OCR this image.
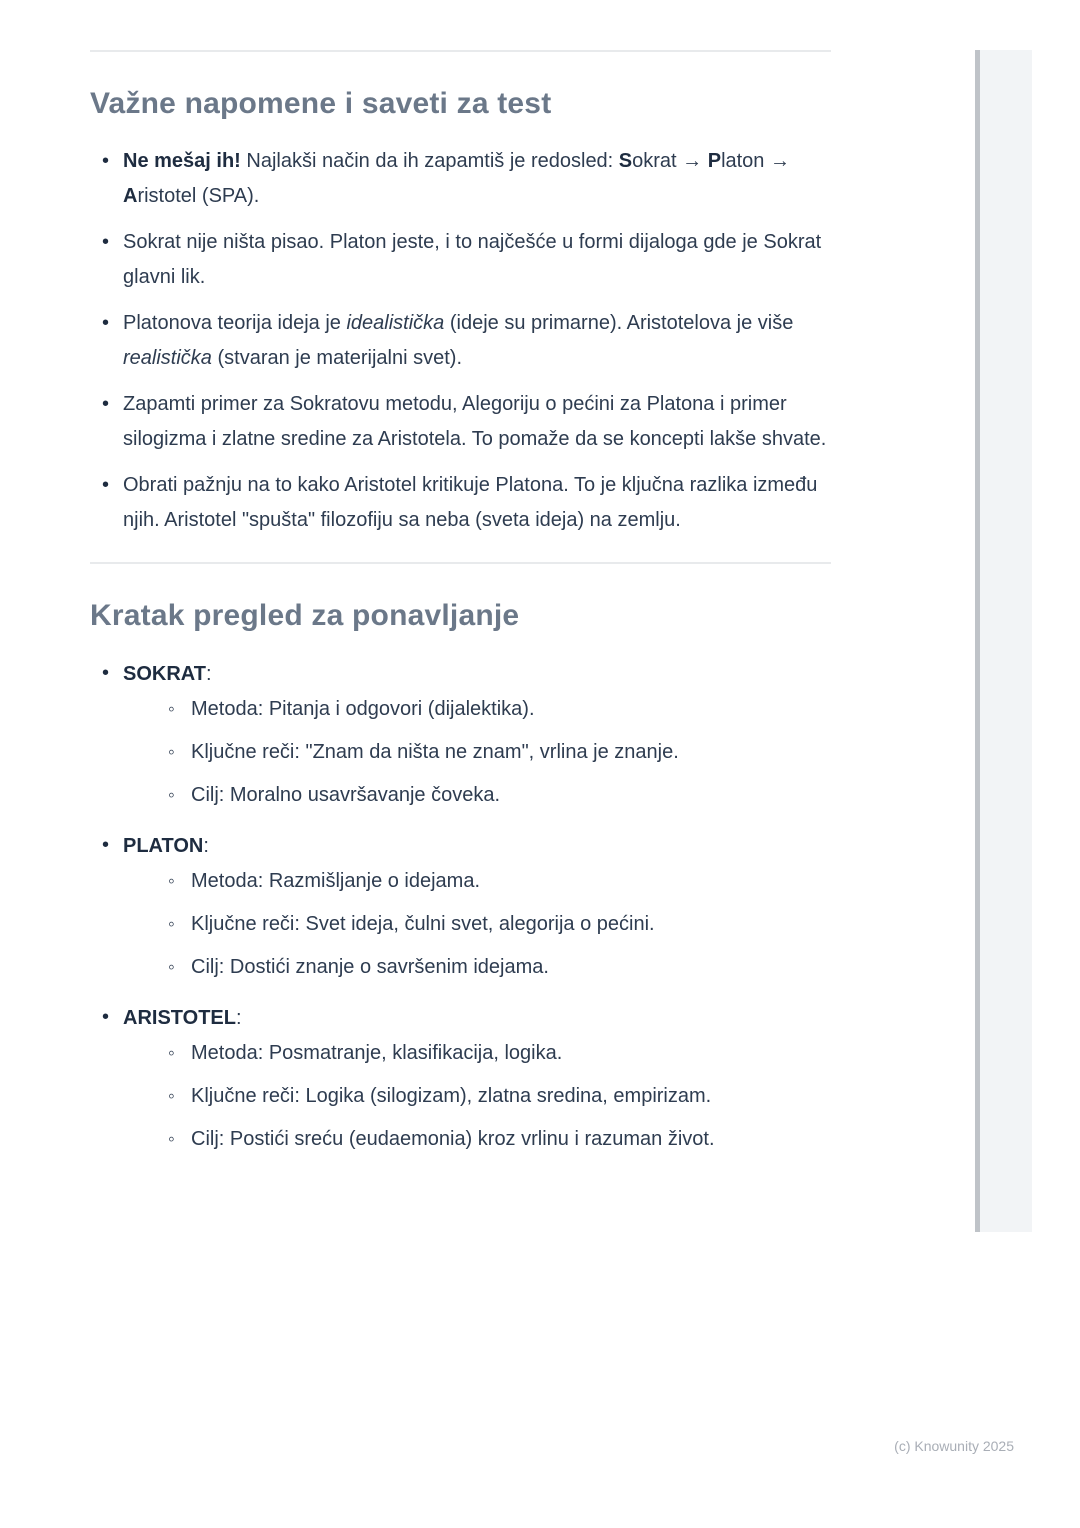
Važne napomene i saveti za test
• Ne mešaj ih! Najlakši način da ih zapamtiš je redosled: Sokrat → Platon → Aristotel (SPA).
• Sokrat nije ništa pisao. Platon jeste, i to najčešće u formi dijaloga gde je Sokrat glavni lik.
• Platonova teorija ideja je idealistička (ideje su primarne). Aristotelova je više realistička (stvaran je materijalni svet).
• Zapamti primer za Sokratovu metodu, Alegoriju o pećini za Platona i primer silogizma i zlatne sredine za Aristotela. To pomaže da se koncepti lakše shvate.
• Obrati pažnju na to kako Aristotel kritikuje Platona. To je ključna razlika između njih. Aristotel "spušta" filozofiju sa neba (sveta ideja) na zemlju.
Kratak pregled za ponavljanje
• SOKRAT:
◦ Metoda: Pitanja i odgovori (dijalektika).
◦ Ključne reči: "Znam da ništa ne znam", vrlina je znanje.
◦ Cilj: Moralno usavršavanje čoveka.
• PLATON:
◦ Metoda: Razmišljanje o idejama.
◦ Ključne reči: Svet ideja, čulni svet, alegorija o pećini.
◦ Cilj: Dostići znanje o savršenim idejama.
• ARISTOTEL:
◦ Metoda: Posmatranje, klasifikacija, logika.
◦ Ključne reči: Logika (silogizam), zlatna sredina, empirizam.
◦ Cilj: Postići sreću (eudaemonia) kroz vrlinu i razuman život.
(c) Knowunity 2025
